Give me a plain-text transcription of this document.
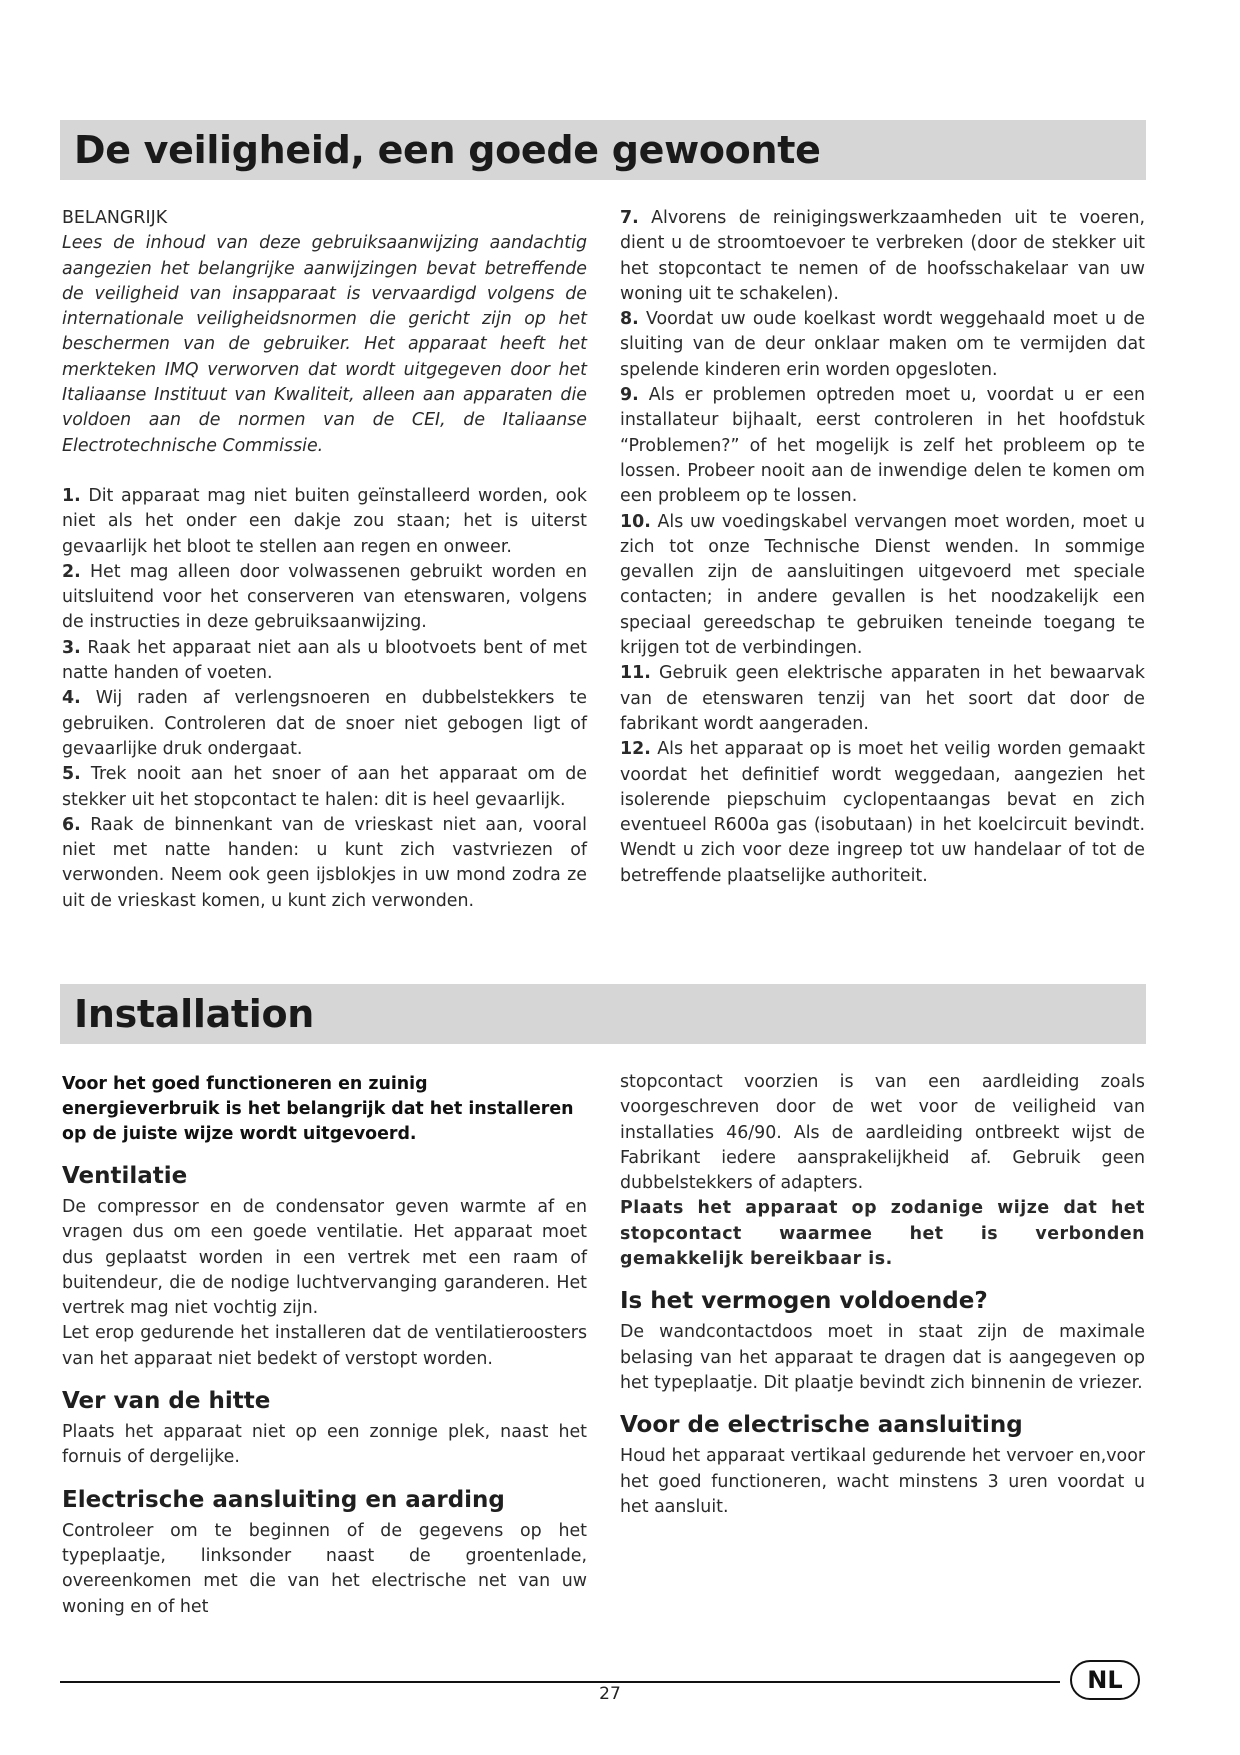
De veiligheid, een goede gewoonte

BELANGRIJK

Lees de inhoud van deze gebruiksaanwijzing aandachtig aangezien het belangrijke aanwijzingen bevat betreffende de veiligheid van insapparaat is vervaardigd volgens de internationale veiligheidsnormen die gericht zijn op het beschermen van de gebruiker. Het apparaat heeft het merkteken IMQ verworven dat wordt uitgegeven door het Italiaanse Instituut van Kwaliteit, alleen aan apparaten die voldoen aan de normen van de CEI, de Italiaanse Electrotechnische Commissie.

1. Dit apparaat mag niet buiten geïnstalleerd worden, ook niet als het onder een dakje zou staan; het is uiterst gevaarlijk het bloot te stellen aan regen en onweer.

2. Het mag alleen door volwassenen gebruikt worden en uitsluitend voor het conserveren van etenswaren, volgens de instructies in deze gebruiksaanwijzing.

3. Raak het apparaat niet aan als u blootvoets bent of met natte handen of voeten.

4. Wij raden af verlengsnoeren en dubbelstekkers te gebruiken. Controleren dat de snoer niet gebogen ligt of gevaarlijke druk ondergaat.

5. Trek nooit aan het snoer of aan het apparaat om de stekker uit het stopcontact te halen: dit is heel gevaarlijk.

6. Raak de binnenkant van de vrieskast niet aan, vooral niet met natte handen: u kunt zich vastvriezen of verwonden. Neem ook geen ijsblokjes in uw mond zodra ze uit de vrieskast komen, u kunt zich verwonden.

7. Alvorens de reinigingswerkzaamheden uit te voeren, dient u de stroomtoevoer te verbreken (door de stekker uit het stopcontact te nemen of de hoofsschakelaar van uw woning uit te schakelen).

8. Voordat uw oude koelkast wordt weggehaald moet u de sluiting van de deur onklaar maken om te vermijden dat spelende kinderen erin worden opgesloten.

9. Als er problemen optreden moet u, voordat u er een installateur bijhaalt, eerst controleren in het hoofdstuk “Problemen?” of het mogelijk is zelf het probleem op te lossen. Probeer nooit aan de inwendige delen te komen om een probleem op te lossen.

10. Als uw voedingskabel vervangen moet worden, moet u zich tot onze Technische Dienst wenden. In sommige gevallen zijn de aansluitingen uitgevoerd met speciale contacten; in andere gevallen is het noodzakelijk een speciaal gereedschap te gebruiken teneinde toegang te krijgen tot de verbindingen.

11. Gebruik geen elektrische apparaten in het bewaarvak van de etenswaren tenzij van het soort dat door de fabrikant wordt aangeraden.

12. Als het apparaat op is moet het veilig worden gemaakt voordat het definitief wordt weggedaan, aangezien het isolerende piepschuim cyclopentaangas bevat en zich eventueel R600a gas (isobutaan) in het koelcircuit bevindt. Wendt u zich voor deze ingreep tot uw handelaar of tot de betreffende plaatselijke authoriteit.

Installation

Voor het goed functioneren en zuinig energieverbruik is het belangrijk dat het installeren op de juiste wijze wordt uitgevoerd.

Ventilatie

De compressor en de condensator geven warmte af en vragen dus om een goede ventilatie. Het apparaat moet dus geplaatst worden in een vertrek met een raam of buitendeur, die de nodige luchtvervanging garanderen. Het vertrek mag niet vochtig zijn.

Let erop gedurende het installeren dat de ventilatieroosters van het apparaat niet bedekt of verstopt worden.

Ver van de hitte

Plaats het apparaat niet op een zonnige plek, naast het fornuis of dergelijke.

Electrische aansluiting en aarding

Controleer om te beginnen of de gegevens op het typeplaatje, linksonder naast de groentenlade, overeenkomen met die van het electrische net van uw woning en of het

stopcontact voorzien is van een aardleiding zoals voorgeschreven door de wet voor de veiligheid van installaties 46/90. Als de aardleiding ontbreekt wijst de Fabrikant iedere aansprakelijkheid af. Gebruik geen dubbelstekkers of adapters.

Plaats het apparaat op zodanige wijze dat het stopcontact waarmee het is verbonden gemakkelijk bereikbaar is.

Is het vermogen voldoende?

De wandcontactdoos moet in staat zijn de maximale belasing van het apparaat te dragen dat is aangegeven op het typeplaatje. Dit plaatje bevindt zich binnenin de vriezer.

Voor de electrische aansluiting

Houd het apparaat vertikaal gedurende het vervoer en,voor het goed functioneren, wacht minstens 3 uren voordat u het aansluit.

27	NL
